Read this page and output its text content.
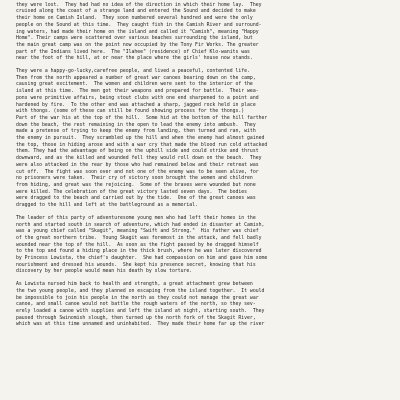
they were lost.  They had had no idea of the direction in which their home lay.  They
cruised along the coast of a strange land and entered the Sound and decided to make
their home on Camish Island.  They soon numbered several hundred and were the only
people on the Sound at this time.  They caught fish in the Camish River and surround-
ing waters, had made their home on the island and called it "Camish", meaning "Happy
Home". Their camps were scattered over various beaches surrounding the island, but
the main great camp was on the point now occupied by the Tony Fir Works. The greater
part of the Indians lived here.  The "Ilahee" (residence) of Chief Klo-wanits was
near the foot of the hill, at or near the place where the girls' house now stands.
They were a happy-go-lucky,carefree people, and lived a peaceful, contented life.
Then from the north appeared a number of great war canoes bearing down on the camp,
causing great excitement.  The women and children were sent to the interior of the
island at this time.  The men got their weapons and prepared for battle.  Their wea-
pons were primitive affairs, being stout clubs with one end sharpened to a point and
hardened by fire.  To the other end was attached a sharp, jagged rock held in place
with thongs. (some of these can still be found showing process for the thongs.)
Part of the war his at the top of the hill.  Some hid at the bottom of the hill farther
down the beach, the rest remaining in the open to lead the enemy into ambush.  They
made a pretense of trying to keep the enemy from landing, then turned and ran, with
the enemy in pursuit.  They scrambled up the hill and when the enemy had almost gained
the top, those in hiding arose and with a war cry that made the blood run cold attacked
them. They had the advantage of being on the uphill side and could strike and thrust
downward, and as the killed and wounded fell they would roll down on the beach.  They
were also attacked in the rear by those who had remained below and their retreat was
cut off.  The fight was soon over and not one of the enemy was to be seen alive, for
no prisoners were taken.  Their cry of victory soon brought the women and children
from hiding, and great was the rejoicing.  Some of the braves were wounded but none
were killed. The celebration of the great victory lasted seven days.  The bodies
were dragged to the beach and carried out by the tide.  One of the great canoes was
dragged to the hill and left at the battleground as a memorial.
The leader of this party of adventuresome young men who had left their homes in the
north and started south in search of adventure, which had ended in disaster at Camish,
was a young chief called "Skagit", meaning "Swift and Strong."  His father was chief
of the great northern tribe.  Young Skagit was foremost in the attack, and fell badly
wounded near the top of the hill.  As soon as the fight passed by he dragged himself
to the top and found a hiding place in the thick brush, where he was later discovered
by Princess Lowista, the chief's daughter.  She had compassion on him and gave him some
nourishment and dressed his wounds.  She kept his presence secret, knowing that his
discovery by her people would mean his death by slow torture.
As Lowista nursed him back to health and strength, a great attachment grew between
the two young people, and they planned on escaping from the island together.  It would
be impossible to join his people in the north as they could not manage the great war
canoe, and small canoe would not battle the rough waters of the north, so they sev-
erely loaded a canoe with supplies and left the island at night, starting south.  They
paused through Swinomish slough, then turned up the north fork of the Skagit River,
which was at this time unnamed and uninhabited.  They made their home far up the river
